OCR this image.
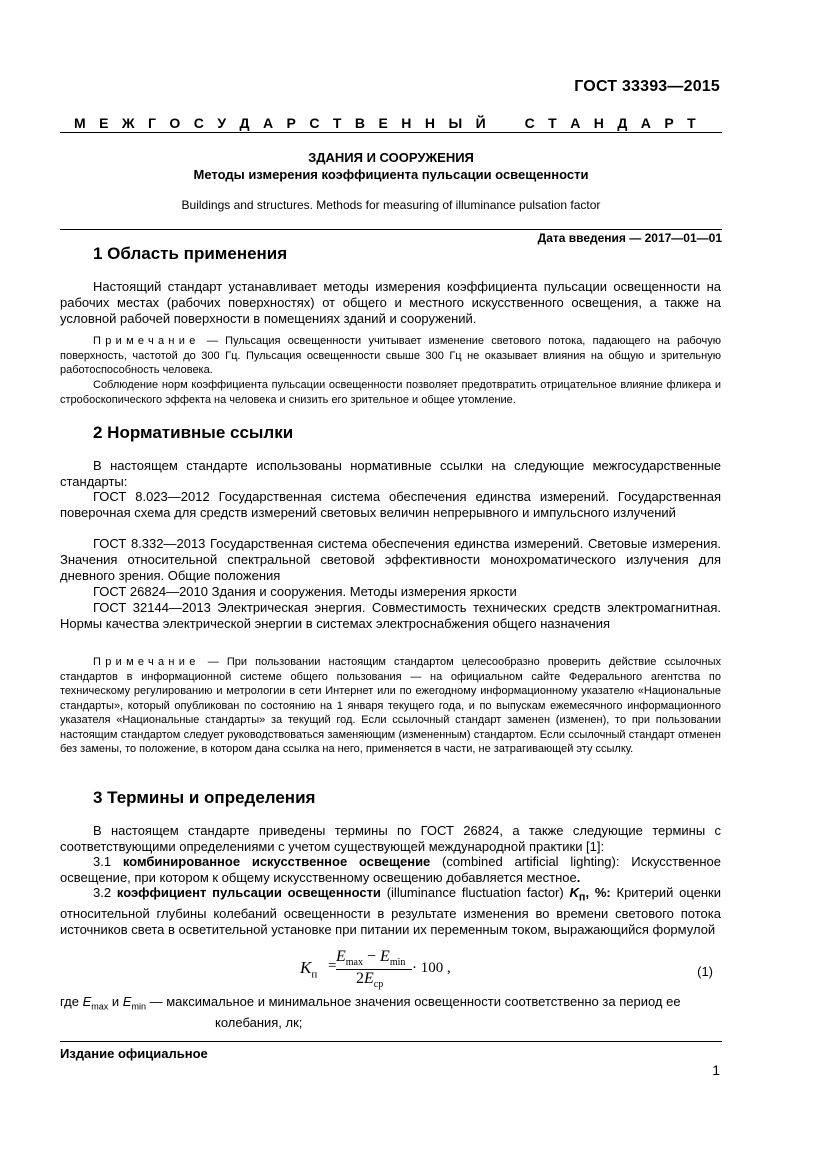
ГОСТ 33393—2015
М Е Ж Г О С У Д А Р С Т В Е Н Н Ы Й	С Т А Н Д А Р Т
ЗДАНИЯ И СООРУЖЕНИЯ
Методы измерения коэффициента пульсации освещенности
Buildings and structures. Methods for measuring of illuminance pulsation factor
Дата введения — 2017—01—01
1 Область применения

Настоящий стандарт устанавливает методы измерения коэффициента пульсации освещенности на рабочих местах (рабочих поверхностях) от общего и местного искусственного освещения, а также на условной рабочей поверхности в помещениях зданий и сооружений.

Примечание — Пульсация освещенности учитывает изменение светового потока, падающего на рабочую поверхность, частотой до 300 Гц. Пульсация освещенности свыше 300 Гц не оказывает влияния на общую и зрительную работоспособность человека.

Соблюдение норм коэффициента пульсации освещенности позволяет предотвратить отрицательное влияние фликера и стробоскопического эффекта на человека и снизить его зрительное и общее утомление.

2 Нормативные ссылки

В настоящем стандарте использованы нормативные ссылки на следующие межгосударственные стандарты:

ГОСТ 8.023—2012 Государственная система обеспечения единства измерений. Государственная поверочная схема для средств измерений световых величин непрерывного и импульсного излучений

ГОСТ 8.332—2013 Государственная система обеспечения единства измерений. Световые измерения. Значения относительной спектральной световой эффективности монохроматического излучения для дневного зрения. Общие положения

ГОСТ 26824—2010 Здания и сооружения. Методы измерения яркости

ГОСТ 32144—2013 Электрическая энергия. Совместимость технических средств электромагнитная. Нормы качества электрической энергии в системах электроснабжения общего назначения

Примечание — При пользовании настоящим стандартом целесообразно проверить действие ссылочных стандартов в информационной системе общего пользования — на официальном сайте Федерального агентства по техническому регулированию и метрологии в сети Интернет или по ежегодному информационному указателю «Национальные стандарты», который опубликован по состоянию на 1 января текущего года, и по выпускам ежемесячного информационного указателя «Национальные стандарты» за текущий год. Если ссылочный стандарт заменен (изменен), то при пользовании настоящим стандартом следует руководствоваться заменяющим (измененным) стандартом. Если ссылочный стандарт отменен без замены, то положение, в котором дана ссылка на него, применяется в части, не затрагивающей эту ссылку.

3 Термины и определения

В настоящем стандарте приведены термины по ГОСТ 26824, а также следующие термины с соответствующими определениями с учетом существующей международной практики [1]:

3.1 комбинированное искусственное освещение (combined artificial lighting): Искусственное освещение, при котором к общему искусственному освещению добавляется местное.

3.2 коэффициент пульсации освещенности (illuminance fluctuation factor) $K_п$, %: Критерий оценки относительной глубины колебаний освещенности в результате изменения во времени светового потока источников света в осветительной установке при питании их переменным током, выражающийся формулой

$K_п$
=
$E_{max} - E_{min}$
$2E_{ср}$
· 100 ,	(1)
где $E_{max}$ и $E_{min}$ — максимальное и минимальное значения освещенности соответственно за период ее
колебания, лк;
Издание официальное
1
